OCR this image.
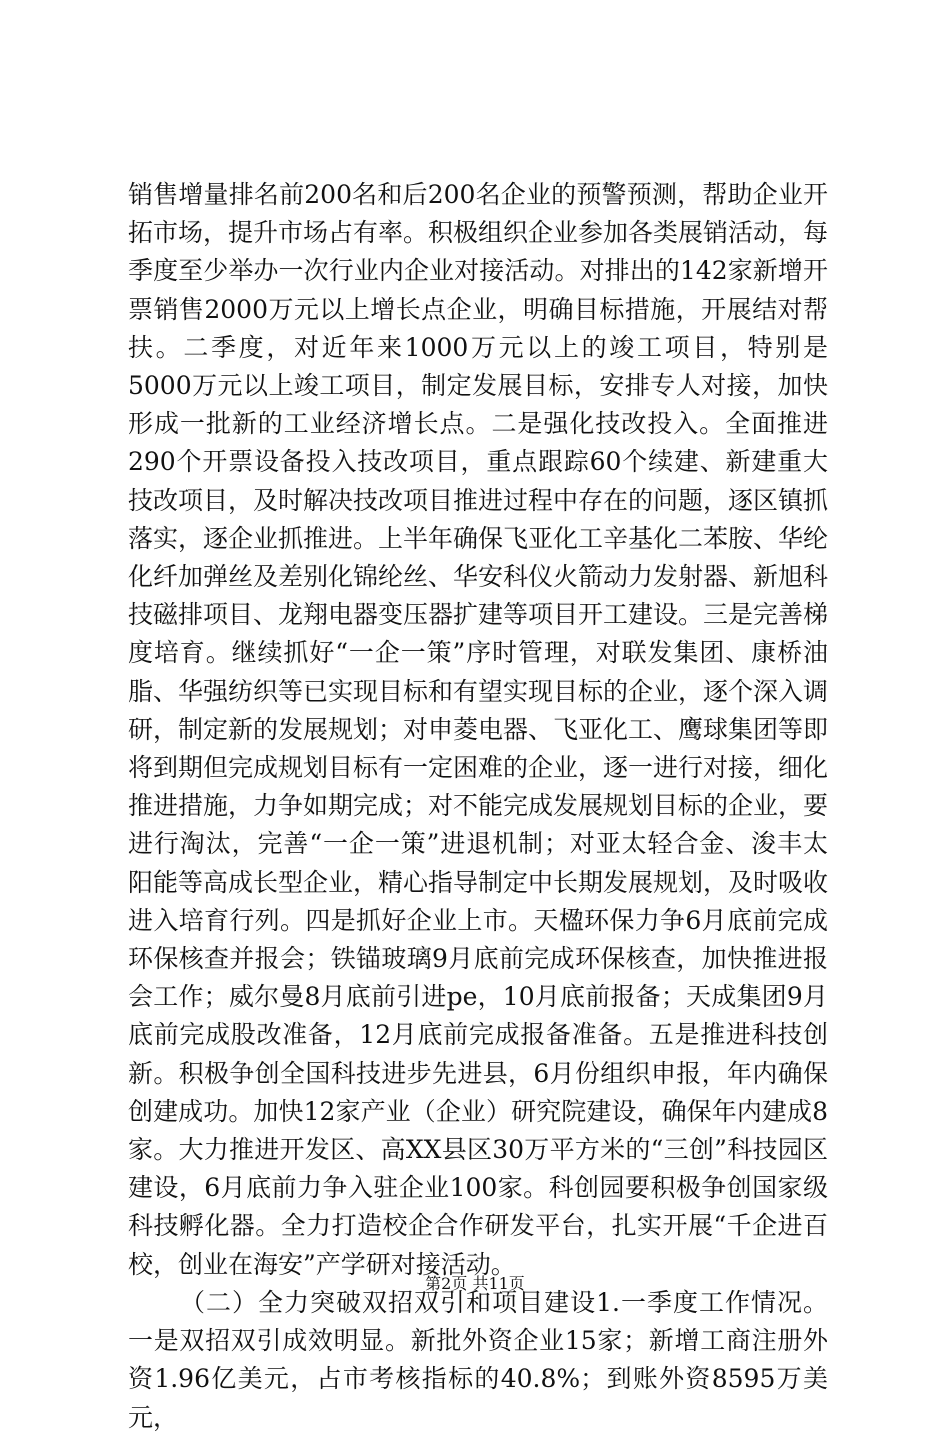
销售增量排名前200名和后200名企业的预警预测，帮助企业开拓市场，提升市场占有率。积极组织企业参加各类展销活动，每季度至少举办一次行业内企业对接活动。对排出的142家新增开票销售2000万元以上增长点企业，明确目标措施，开展结对帮扶。二季度，对近年来1000万元以上的竣工项目，特别是5000万元以上竣工项目，制定发展目标，安排专人对接，加快形成一批新的工业经济增长点。二是强化技改投入。全面推进290个开票设备投入技改项目，重点跟踪60个续建、新建重大技改项目，及时解决技改项目推进过程中存在的问题，逐区镇抓落实，逐企业抓推进。上半年确保飞亚化工辛基化二苯胺、华纶化纤加弹丝及差别化锦纶丝、华安科仪火箭动力发射器、新旭科技磁排项目、龙翔电器变压器扩建等项目开工建设。三是完善梯度培育。继续抓好“一企一策”序时管理，对联发集团、康桥油脂、华强纺织等已实现目标和有望实现目标的企业，逐个深入调研，制定新的发展规划；对申菱电器、飞亚化工、鹰球集团等即将到期但完成规划目标有一定困难的企业，逐一进行对接，细化推进措施，力争如期完成；对不能完成发展规划目标的企业，要进行淘汰，完善“一企一策”进退机制；对亚太轻合金、浚丰太阳能等高成长型企业，精心指导制定中长期发展规划，及时吸收进入培育行列。四是抓好企业上市。天楹环保力争6月底前完成环保核查并报会；铁锚玻璃9月底前完成环保核查，加快推进报会工作；威尔曼8月底前引进pe，10月底前报备；天成集团9月底前完成股改准备，12月底前完成报备准备。五是推进科技创新。积极争创全国科技进步先进县，6月份组织申报，年内确保创建成功。加快12家产业（企业）研究院建设，确保年内建成8家。大力推进开发区、高XX县区30万平方米的“三创”科技园区建设，6月底前力争入驻企业100家。科创园要积极争创国家级科技孵化器。全力打造校企合作研发平台，扎实开展“千企进百校，创业在海安”产学研对接活动。

（二）全力突破双招双引和项目建设1.一季度工作情况。一是双招双引成效明显。新批外资企业15家；新增工商注册外资1.96亿美元，占市考核指标的40.8%；到账外资8595万美元，

第2页 共11页
